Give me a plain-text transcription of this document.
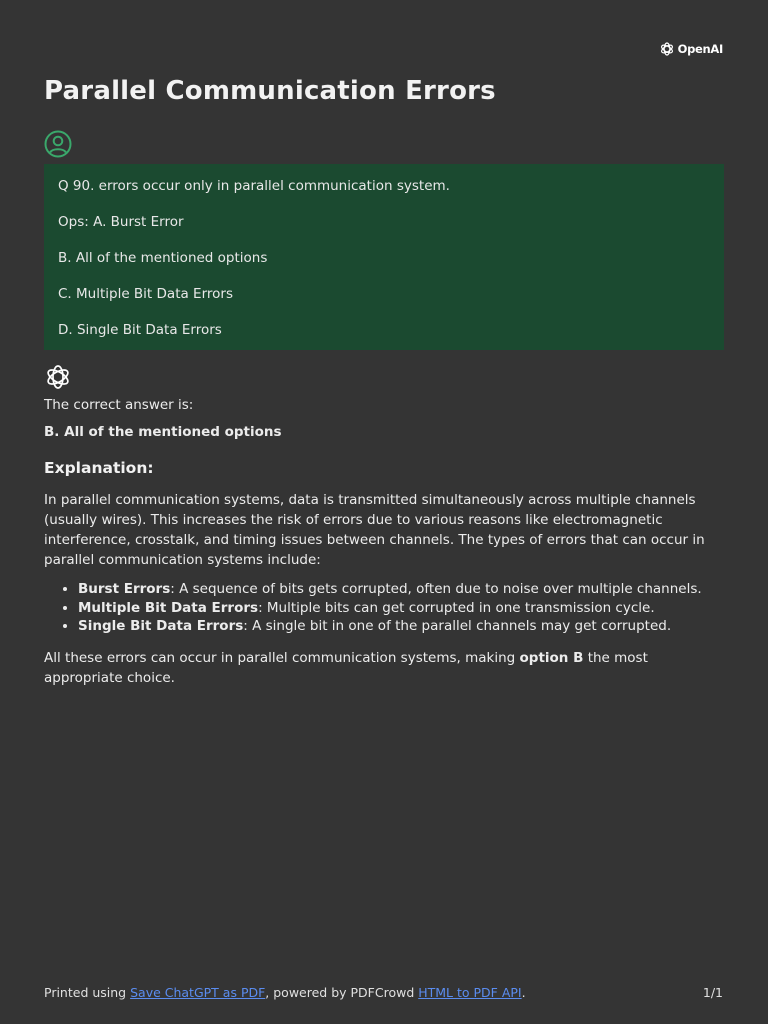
OpenAI
Parallel Communication Errors

Q 90. errors occur only in parallel communication system.

Ops: A. Burst Error

B. All of the mentioned options

C. Multiple Bit Data Errors

D. Single Bit Data Errors

The correct answer is:

B. All of the mentioned options

Explanation:

In parallel communication systems, data is transmitted simultaneously across multiple channels (usually wires). This increases the risk of errors due to various reasons like electromagnetic interference, crosstalk, and timing issues between channels. The types of errors that can occur in parallel communication systems include:

• Burst Errors: A sequence of bits gets corrupted, often due to noise over multiple channels.
• Multiple Bit Data Errors: Multiple bits can get corrupted in one transmission cycle.
• Single Bit Data Errors: A single bit in one of the parallel channels may get corrupted.

All these errors can occur in parallel communication systems, making option B the most appropriate choice.

Printed using Save ChatGPT as PDF, powered by PDFCrowd HTML to PDF API.	1/1
